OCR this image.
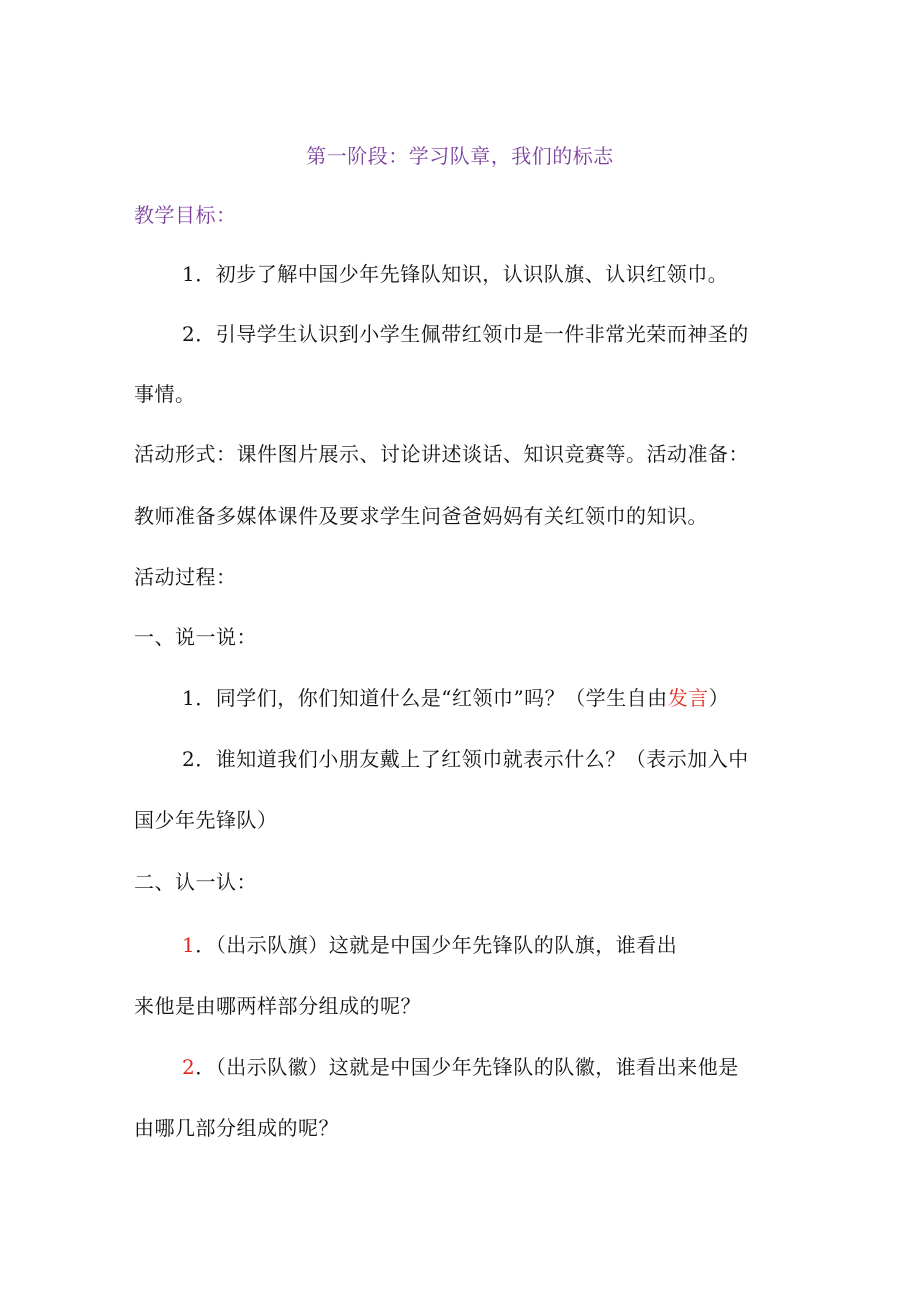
第一阶段：学习队章，我们的标志
教学目标：
1．初步了解中国少年先锋队知识，认识队旗、认识红领巾。
2．引导学生认识到小学生佩带红领巾是一件非常光荣而神圣的
事情。
活动形式：课件图片展示、讨论讲述谈话、知识竞赛等。活动准备：
教师准备多媒体课件及要求学生问爸爸妈妈有关红领巾的知识。
活动过程：
一、说一说：
1．同学们，你们知道什么是“红领巾”吗？（学生自由发言）
2．谁知道我们小朋友戴上了红领巾就表示什么？（表示加入中
国少年先锋队）
二、认一认：
1．（出示队旗）这就是中国少年先锋队的队旗，谁看出
来他是由哪两样部分组成的呢？
2．（出示队徽）这就是中国少年先锋队的队徽，谁看出来他是
由哪几部分组成的呢？
